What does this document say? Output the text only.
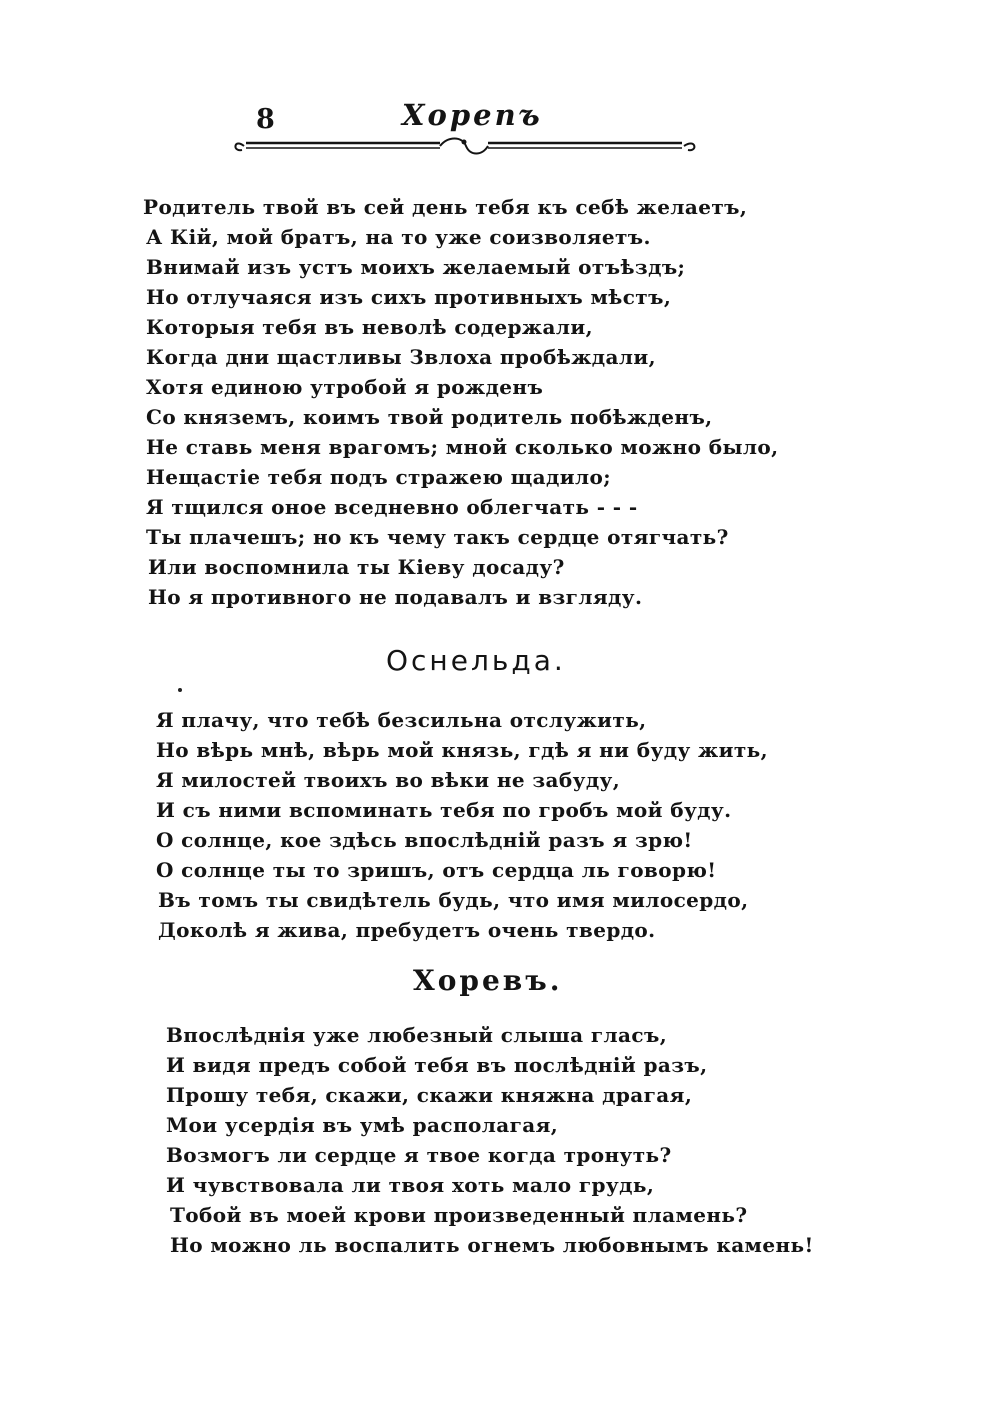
8	Хорепъ
Родитель твой въ сей день тебя къ себѣ желаетъ,
А Кій, мой братъ, на то уже соизволяетъ.
Внимай изъ устъ моихъ желаемый отъѣздъ;
Но отлучаяся изъ сихъ противныхъ мѣстъ,
Которыя тебя въ неволѣ содержали,
Когда дни щастливы Звлоха пробѣждали,
Хотя единою утробой я рожденъ
Со княземъ, коимъ твой родитель побѣжденъ,
Не ставь меня врагомъ; мной сколько можно было,
Нещастіе тебя подъ стражею щадило;
Я тщился оное вседневно облегчать - - -
Ты плачешъ; но къ чему такъ сердце отягчать?
Или воспомнила ты Кіеву досаду?
Но я противного не подавалъ и взгляду.
Оснельда.
Я плачу, что тебѣ безсильна отслужить,
Но вѣрь мнѣ, вѣрь мой князь, гдѣ я ни буду жить,
Я милостей твоихъ во вѣки не забуду,
И съ ними вспоминать тебя по гробъ мой буду.
О солнце, кое здѣсь впослѣдній разъ я зрю!
О солнце ты то зришъ, отъ сердца ль говорю!
Въ томъ ты свидѣтель будь, что имя милосердо,
Доколѣ я жива, пребудетъ очень твердо.
Хоревъ.
Впослѣднія уже любезный слыша гласъ,
И видя предъ собой тебя въ послѣдній разъ,
Прошу тебя, скажи, скажи княжна драгая,
Мои усердія въ умѣ располагая,
Возмогъ ли сердце я твое когда тронуть?
И чувствовала ли твоя хоть мало грудь,
Тобой въ моей крови произведенный пламень?
Но можно ль воспалить огнемъ любовнымъ камень!
